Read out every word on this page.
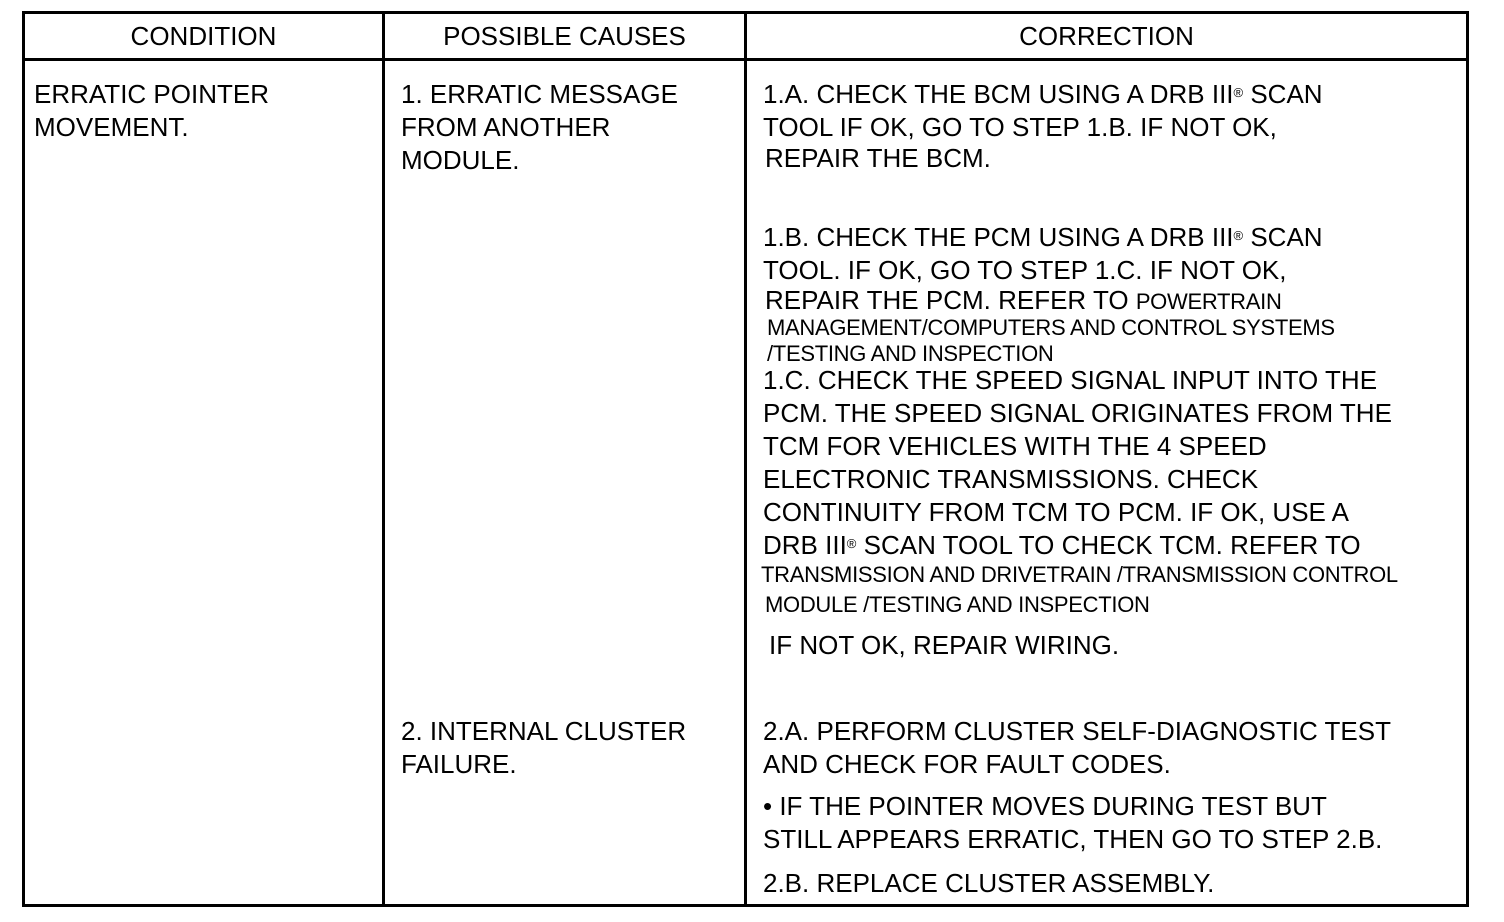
CONDITION	POSSIBLE CAUSES	CORRECTION
ERRATIC POINTER
MOVEMENT.
1. ERRATIC MESSAGE
FROM ANOTHER
MODULE.
2. INTERNAL CLUSTER
FAILURE.
1.A. CHECK THE BCM USING A DRB III® SCAN
TOOL IF OK, GO TO STEP 1.B. IF NOT OK,
REPAIR THE BCM.
1.B. CHECK THE PCM USING A DRB III® SCAN
TOOL. IF OK, GO TO STEP 1.C. IF NOT OK,
REPAIR THE PCM. REFER TO POWERTRAIN
MANAGEMENT/COMPUTERS AND CONTROL SYSTEMS
/TESTING AND INSPECTION
1.C. CHECK THE SPEED SIGNAL INPUT INTO THE
PCM. THE SPEED SIGNAL ORIGINATES FROM THE
TCM FOR VEHICLES WITH THE 4 SPEED
ELECTRONIC TRANSMISSIONS. CHECK
CONTINUITY FROM TCM TO PCM. IF OK, USE A
DRB III® SCAN TOOL TO CHECK TCM. REFER TO
TRANSMISSION AND DRIVETRAIN /TRANSMISSION CONTROL
MODULE /TESTING AND INSPECTION
IF NOT OK, REPAIR WIRING.
2.A. PERFORM CLUSTER SELF-DIAGNOSTIC TEST
AND CHECK FOR FAULT CODES.
• IF THE POINTER MOVES DURING TEST BUT
STILL APPEARS ERRATIC, THEN GO TO STEP 2.B.
2.B. REPLACE CLUSTER ASSEMBLY.
